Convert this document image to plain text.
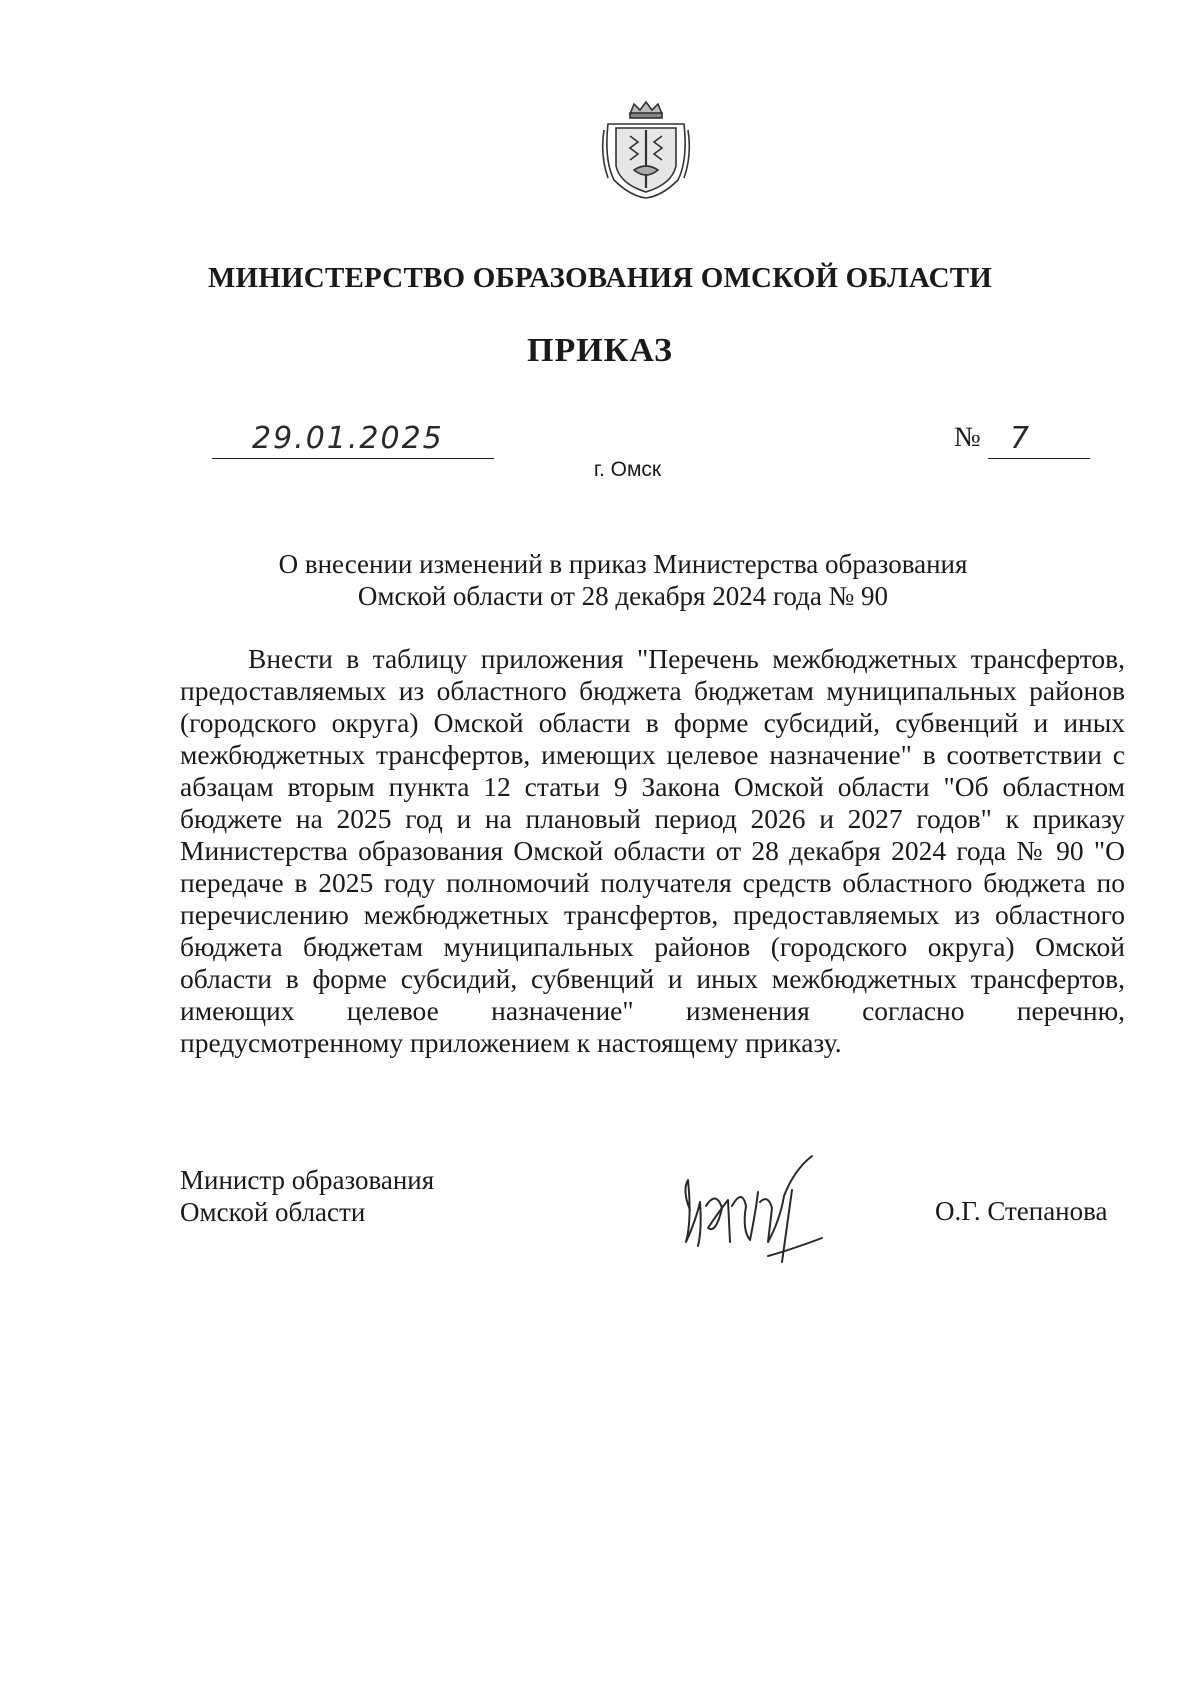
МИНИСТЕРСТВО ОБРАЗОВАНИЯ ОМСКОЙ ОБЛАСТИ
ПРИКАЗ
29.01.2025	№ 7
г. Омск
О внесении изменений в приказ Министерства образования
Омской области от 28 декабря 2024 года № 90

Внести в таблицу приложения "Перечень межбюджетных трансфертов, предоставляемых из областного бюджета бюджетам муниципальных районов (городского округа) Омской области в форме субсидий, субвенций и иных межбюджетных трансфертов, имеющих целевое назначение" в соответствии с абзацам вторым пункта 12 статьи 9 Закона Омской области "Об областном бюджете на 2025 год и на плановый период 2026 и 2027 годов" к приказу Министерства образования Омской области от 28 декабря 2024 года № 90 "О передаче в 2025 году полномочий получателя средств областного бюджета по перечислению межбюджетных трансфертов, предоставляемых из областного бюджета бюджетам муниципальных районов (городского округа) Омской области в форме субсидий, субвенций и иных межбюджетных трансфертов, имеющих целевое назначение" изменения согласно перечню, предусмотренному приложением к настоящему приказу.

Министр образования
Омской области	О.Г. Степанова
